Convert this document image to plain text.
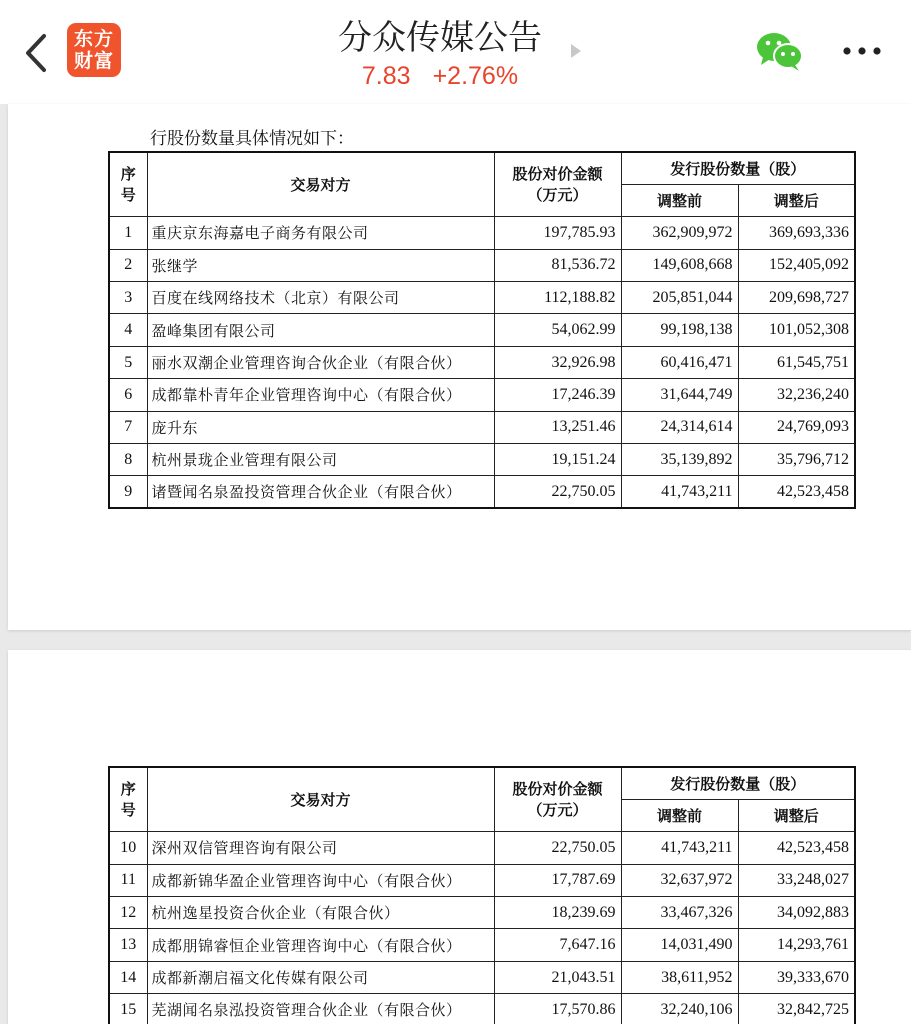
东方
财富
分众传媒公告
7.83 +2.76%
行股份数量具体情况如下：
序
号	交易对方	股份对价金额
（万元）	发行股份数量（股）	
			调整前	调整后
1	重庆京东海嘉电子商务有限公司	197,785.93	362,909,972	369,693,336
2	张继学	81,536.72	149,608,668	152,405,092
3	百度在线网络技术（北京）有限公司	112,188.82	205,851,044	209,698,727
4	盈峰集团有限公司	54,062.99	99,198,138	101,052,308
5	丽水双潮企业管理咨询合伙企业（有限合伙）	32,926.98	60,416,471	61,545,751
6	成都靠朴青年企业管理咨询中心（有限合伙）	17,246.39	31,644,749	32,236,240
7	庞升东	13,251.46	24,314,614	24,769,093
8	杭州景珑企业管理有限公司	19,151.24	35,139,892	35,796,712
9	诸暨闻名泉盈投资管理合伙企业（有限合伙）	22,750.05	41,743,211	42,523,458
序
号	交易对方	股份对价金额
（万元）	发行股份数量（股）	
			调整前	调整后
10	深州双信管理咨询有限公司	22,750.05	41,743,211	42,523,458
11	成都新锦华盈企业管理咨询中心（有限合伙）	17,787.69	32,637,972	33,248,027
12	杭州逸星投资合伙企业（有限合伙）	18,239.69	33,467,326	34,092,883
13	成都朋锦睿恒企业管理咨询中心（有限合伙）	7,647.16	14,031,490	14,293,761
14	成都新潮启福文化传媒有限公司	21,043.51	38,611,952	39,333,670
15	芜湖闻名泉泓投资管理合伙企业（有限合伙）	17,570.86	32,240,106	32,842,725
